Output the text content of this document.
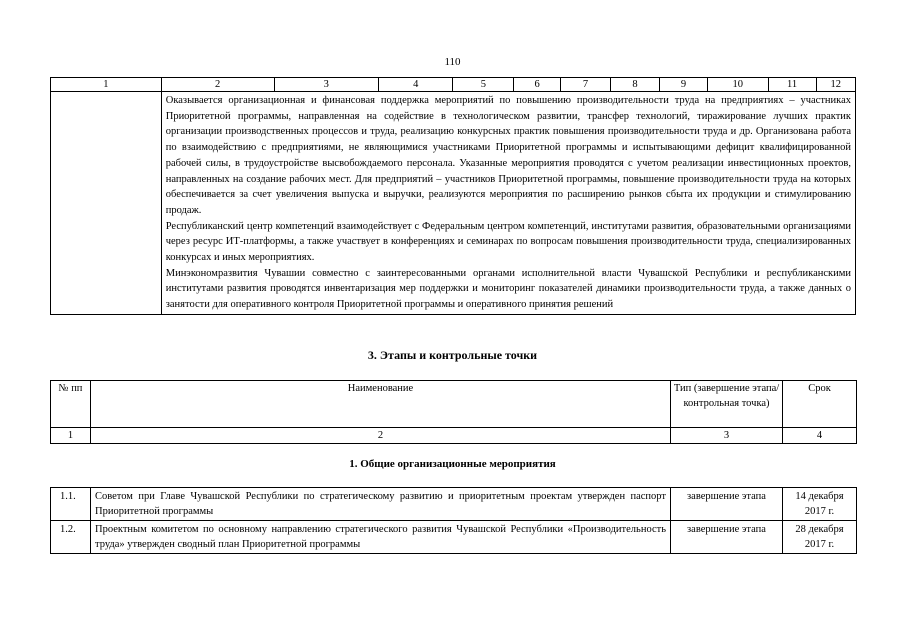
110
1	2	3	4	5	6	7	8	9	10	11	12

	Оказывается организационная и финансовая поддержка мероприятий по повышению производительности труда на предприятиях – участниках Приоритетной программы, направленная на содействие в технологическом развитии, трансфер технологий, тиражирование лучших практик организации производственных процессов и труда, реализацию конкурсных практик повышения производительности труда и др. Организована работа по взаимодействию с предприятиями, не являющимися участниками Приоритетной программы и испытывающими дефицит квалифицированной рабочей силы, в трудоустройстве высвобождаемого персонала. Указанные мероприятия проводятся с учетом реализации инвестиционных проектов, направленных на создание рабочих мест. Для предприятий – участников Приоритетной программы, повышение производительности труда на которых обеспечивается за счет увеличения выпуска и выручки, реализуются мероприятия по расширению рынков сбыта их продукции и стимулированию продаж.

Республиканский центр компетенций взаимодействует с Федеральным центром компетенций, институтами развития, образовательными организациями через ресурс ИТ-платформы, а также участвует в конференциях и семинарах по вопросам повышения производительности труда, специализированных конкурсах и иных мероприятиях.

Минэкономразвития Чувашии совместно с заинтересованными органами исполнительной власти Чувашской Республики и республиканскими институтами развития проводятся инвентаризация мер поддержки и мониторинг показателей динамики производительности труда, а также данных о занятости для оперативного контроля Приоритетной программы и оперативного принятия решений										

3. Этапы и контрольные точки
№ пп	Наименование	Тип (завершение этапа/контрольная точка)	Срок
1	2	3	4
1. Общие организационные мероприятия
1.1.	Советом при Главе Чувашской Республики по стратегическому развитию и приоритетным проектам утвержден паспорт Приоритетной программы	завершение этапа	14 декабря 2017 г.
1.2.	Проектным комитетом по основному направлению стратегического развития Чувашской Республики «Производительность труда» утвержден сводный план Приоритетной программы	завершение этапа	28 декабря 2017 г.
